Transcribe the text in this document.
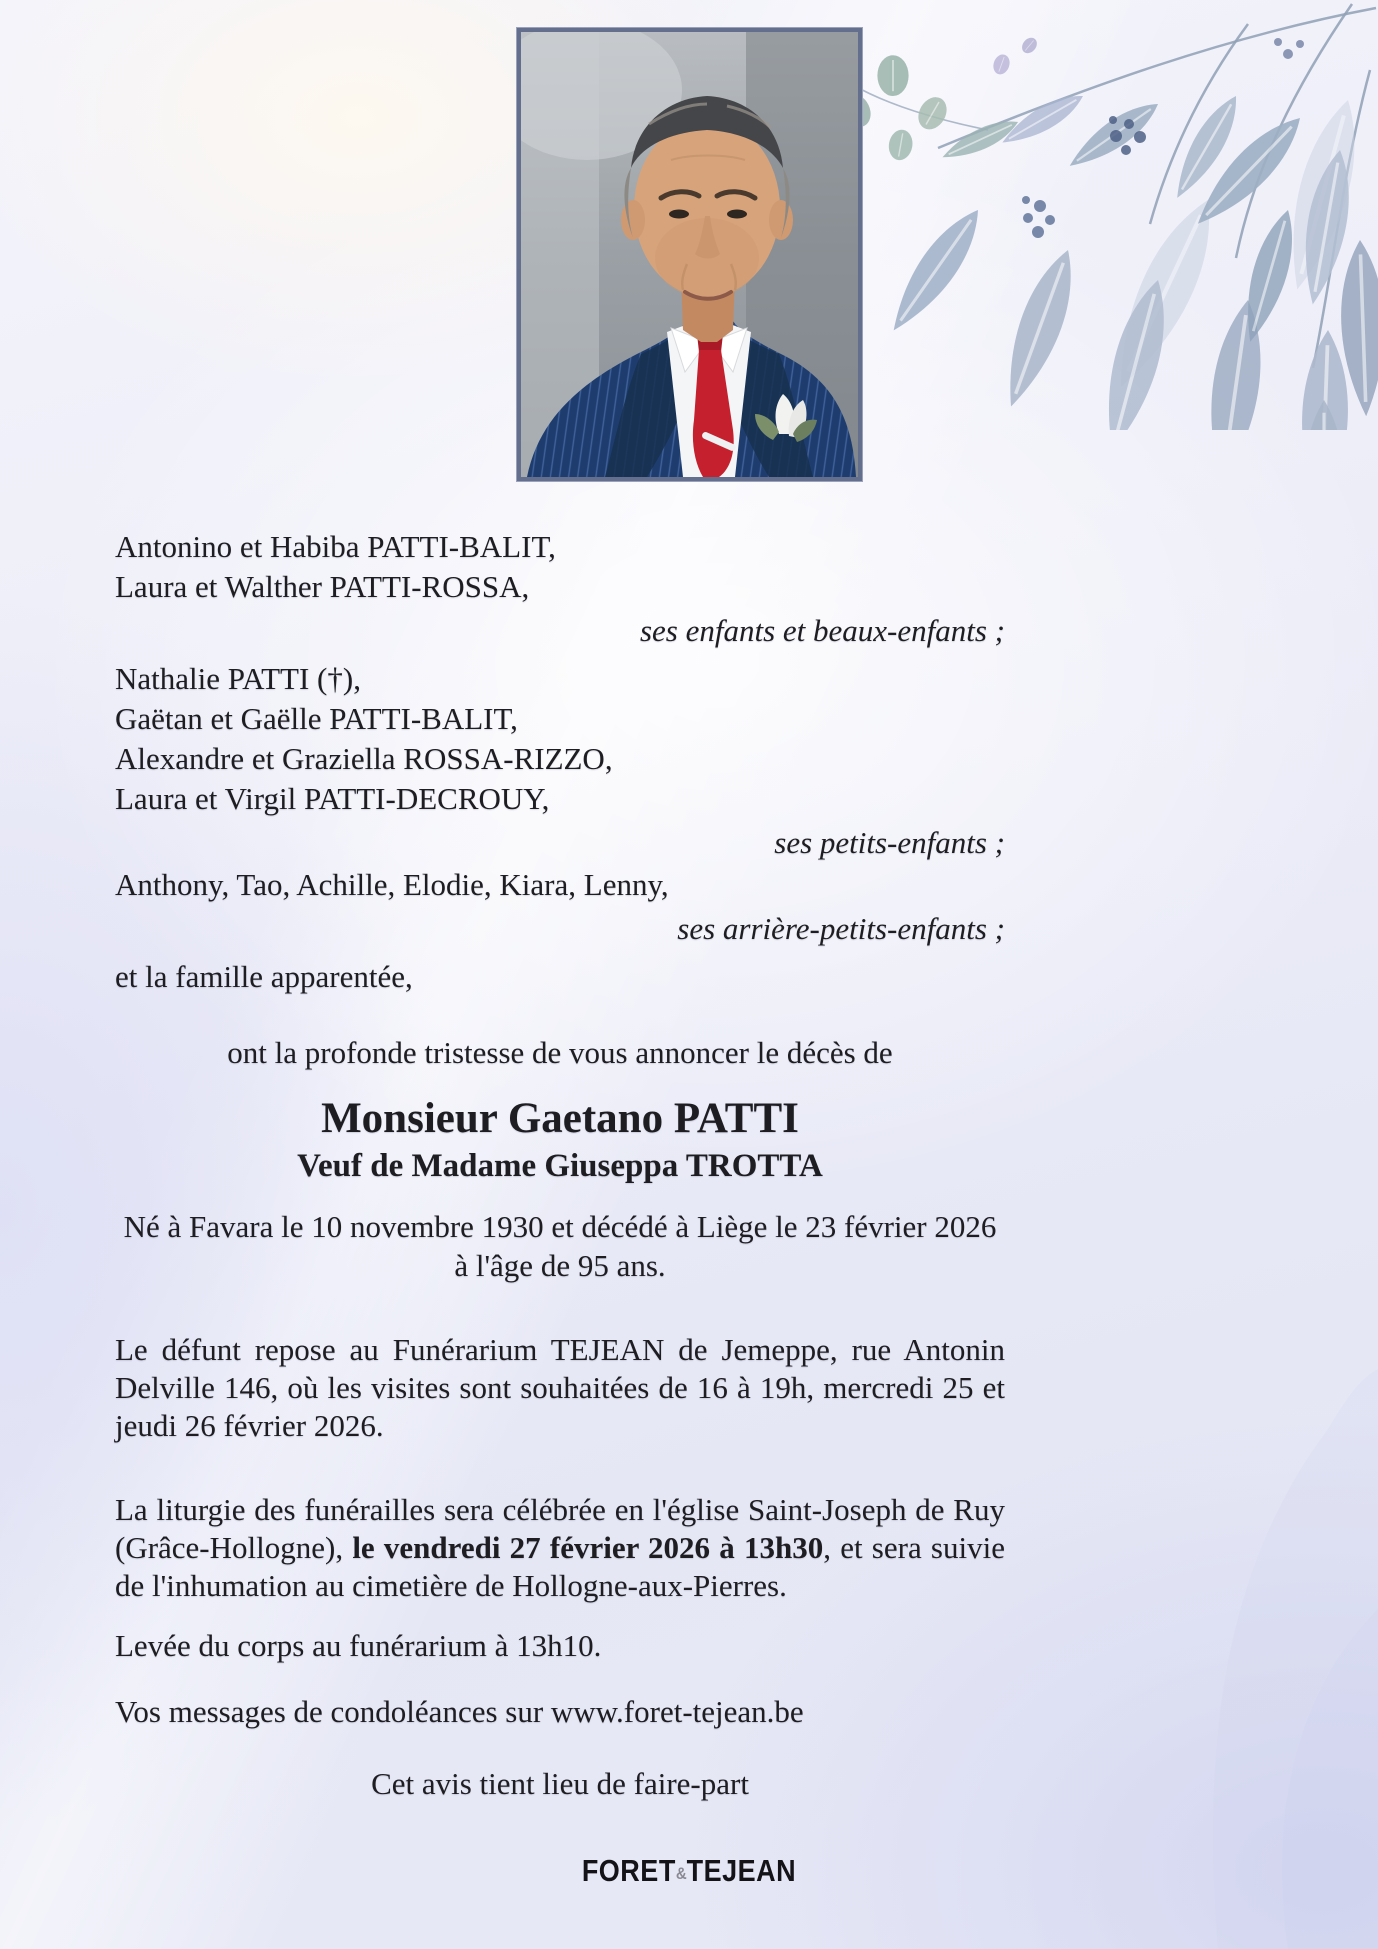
Antonino et Habiba PATTI-BALIT,
Laura et Walther PATTI-ROSSA,
ses enfants et beaux-enfants ;
Nathalie PATTI (†),
Gaëtan et Gaëlle PATTI-BALIT,
Alexandre et Graziella ROSSA-RIZZO,
Laura et Virgil PATTI-DECROUY,
ses petits-enfants ;
Anthony, Tao, Achille, Elodie, Kiara, Lenny,
ses arrière-petits-enfants ;
et la famille apparentée,
ont la profonde tristesse de vous annoncer le décès de
Monsieur Gaetano PATTI
Veuf de Madame Giuseppa TROTTA
Né à Favara le 10 novembre 1930 et décédé à Liège le 23 février 2026
à l'âge de 95 ans.
Le défunt repose au Funérarium TEJEAN de Jemeppe, rue Antonin Delville 146, où les visites sont souhaitées de 16 à 19h, mercredi 25 et jeudi 26 février 2026.
La liturgie des funérailles sera célébrée en l'église Saint-Joseph de Ruy (Grâce-Hollogne), le vendredi 27 février 2026 à 13h30, et sera suivie de l'inhumation au cimetière de Hollogne-aux-Pierres.
Levée du corps au funérarium à 13h10.
Vos messages de condoléances sur www.foret-tejean.be
Cet avis tient lieu de faire-part
FORET&TEJEAN
